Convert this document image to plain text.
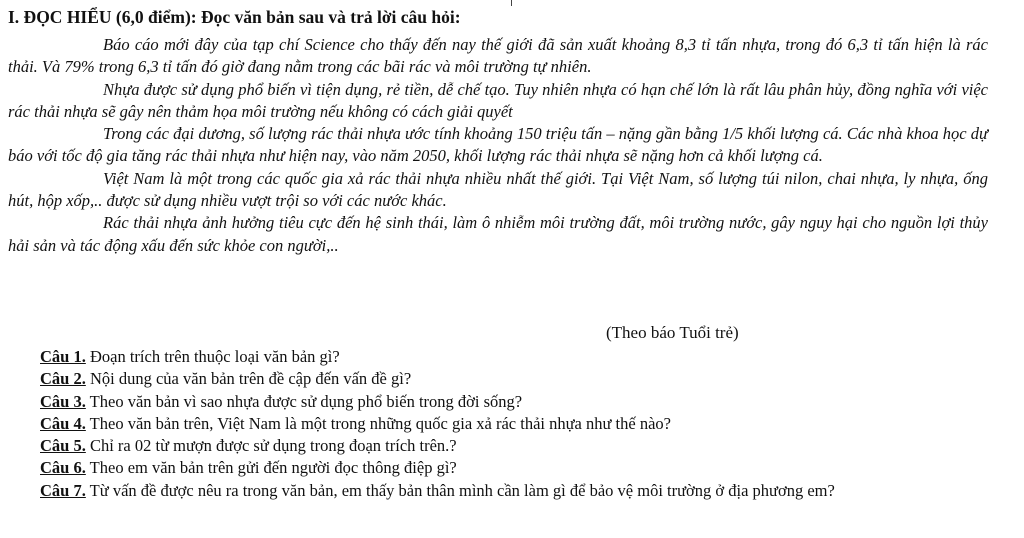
I. ĐỌC HIỂU (6,0 điểm): Đọc văn bản sau và trả lời câu hỏi:

Báo cáo mới đây của tạp chí Science cho thấy đến nay thế giới đã sản xuất khoảng 8,3 tỉ tấn nhựa, trong đó 6,3 tỉ tấn hiện là rác thải. Và 79% trong 6,3 tỉ tấn đó giờ đang nằm trong các bãi rác và môi trường tự nhiên.

Nhựa được sử dụng phổ biến vì tiện dụng, rẻ tiền, dễ chế tạo. Tuy nhiên nhựa có hạn chế lớn là rất lâu phân hủy, đồng nghĩa với việc rác thải nhựa sẽ gây nên thảm họa môi trường nếu không có cách giải quyết

Trong các đại dương, số lượng rác thải nhựa ước tính khoảng 150 triệu tấn – nặng gần bằng 1/5 khối lượng cá. Các nhà khoa học dự báo với tốc độ gia tăng rác thải nhựa như hiện nay, vào năm 2050, khối lượng rác thải nhựa sẽ nặng hơn cả khối lượng cá.

Việt Nam là một trong các quốc gia xả rác thải nhựa nhiều nhất thế giới. Tại Việt Nam, số lượng túi nilon, chai nhựa, ly nhựa, ống hút, hộp xốp,.. được sử dụng nhiều vượt trội so với các nước khác.

Rác thải nhựa ảnh hưởng tiêu cực đến hệ sinh thái, làm ô nhiễm môi trường đất, môi trường nước, gây nguy hại cho nguồn lợi thủy hải sản và tác động xấu đến sức khỏe con người,..

(Theo báo Tuổi trẻ)

Câu 1. Đoạn trích trên thuộc loại văn bản gì?

Câu 2. Nội dung của văn bản trên đề cập đến vấn đề gì?

Câu 3. Theo văn bản vì sao nhựa được sử dụng phổ biến trong đời sống?

Câu 4. Theo văn bản trên, Việt Nam là một trong những quốc gia xả rác thải nhựa như thế nào?

Câu 5. Chỉ ra 02 từ mượn được sử dụng trong đoạn trích trên.?

Câu 6. Theo em văn bản trên gửi đến người đọc thông điệp gì?

Câu 7. Từ vấn đề được nêu ra trong văn bản, em thấy bản thân mình cần làm gì để bảo vệ môi trường ở địa phương em?
